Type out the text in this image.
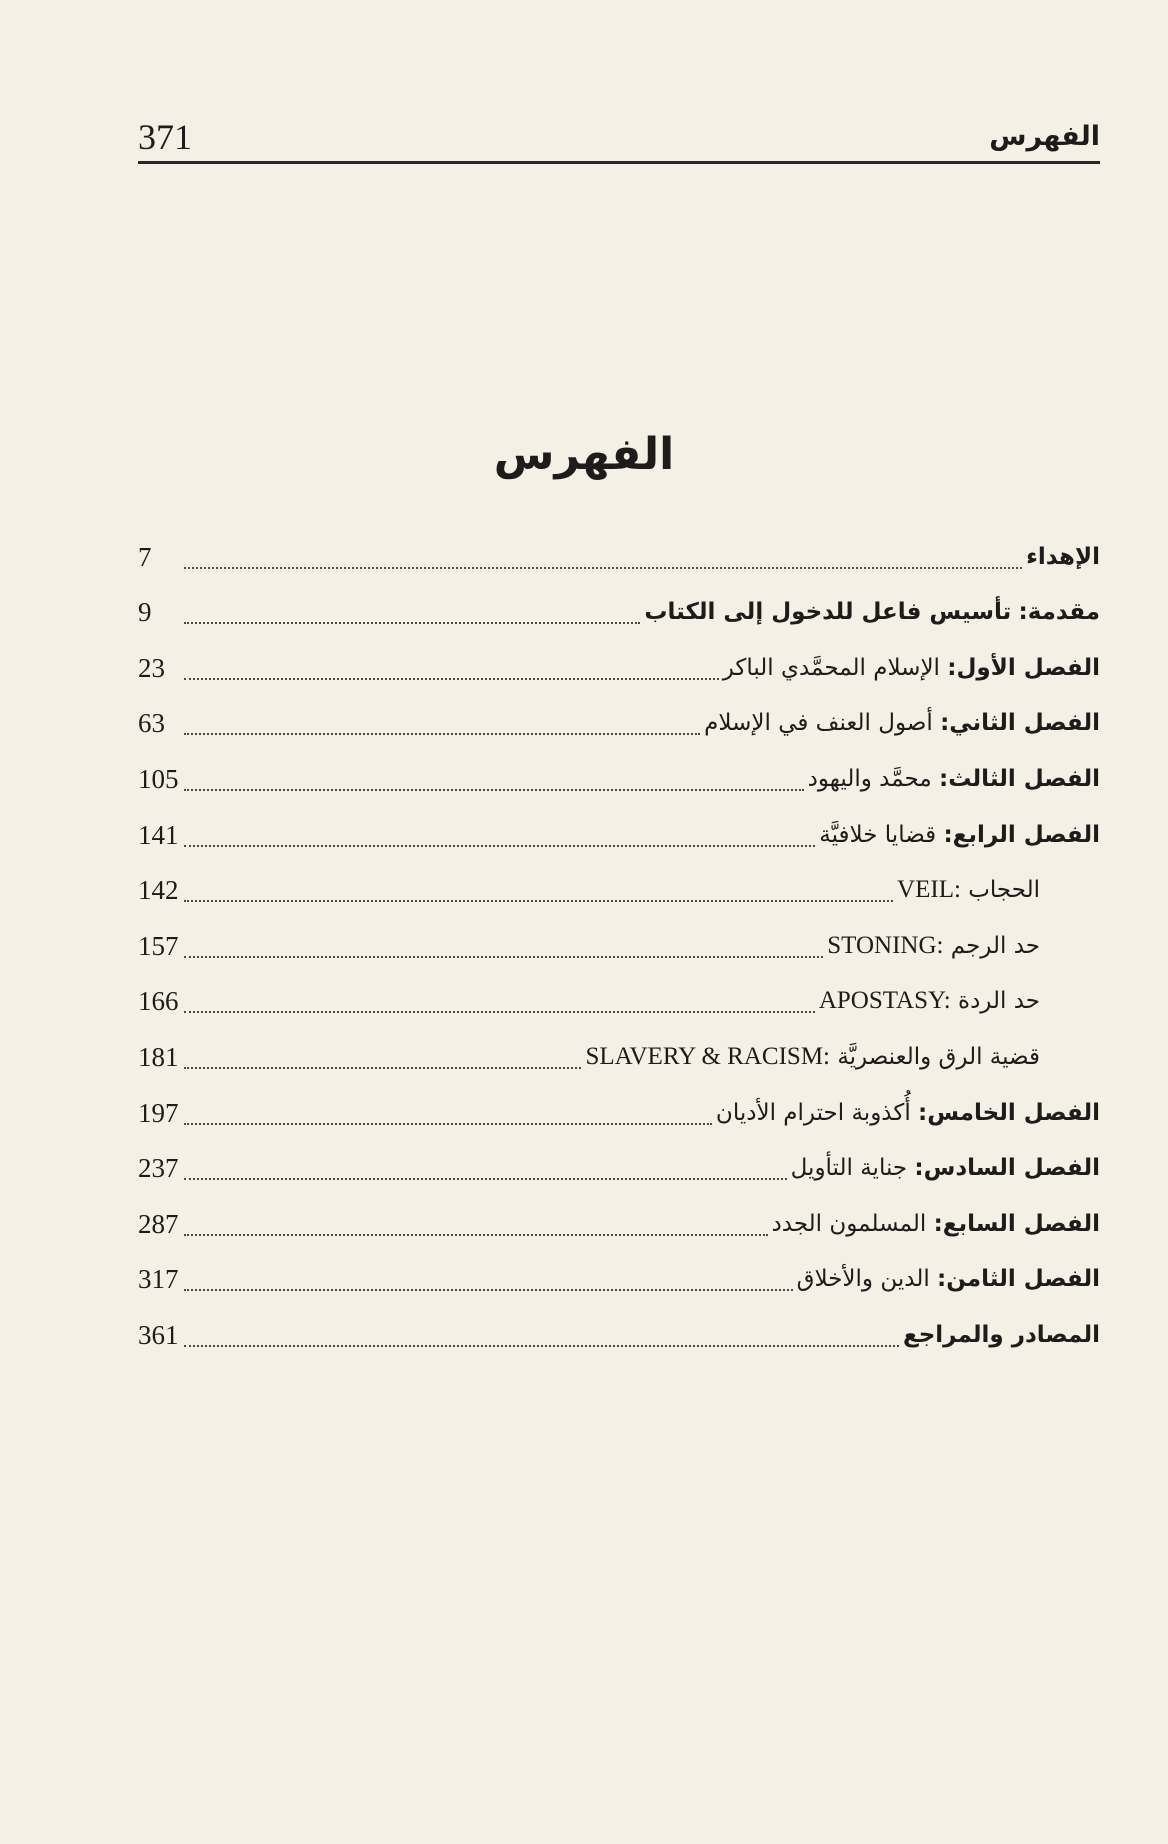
371	الفهرس
الفهرس
الإهداء
7
مقدمة: تأسيس فاعل للدخول إلى الكتاب
9
الفصل الأول: الإسلام المحمَّدي الباكر
23
الفصل الثاني: أصول العنف في الإسلام
63
الفصل الثالث: محمَّد واليهود
105
الفصل الرابع: قضايا خلافيَّة
141
الحجاب VEIL:
142
حد الرجم STONING:
157
حد الردة APOSTASY:
166
قضية الرق والعنصريَّة SLAVERY & RACISM:
181
الفصل الخامس: أُكذوبة احترام الأديان
197
الفصل السادس: جناية التأويل
237
الفصل السابع: المسلمون الجدد
287
الفصل الثامن: الدين والأخلاق
317
المصادر والمراجع
361
